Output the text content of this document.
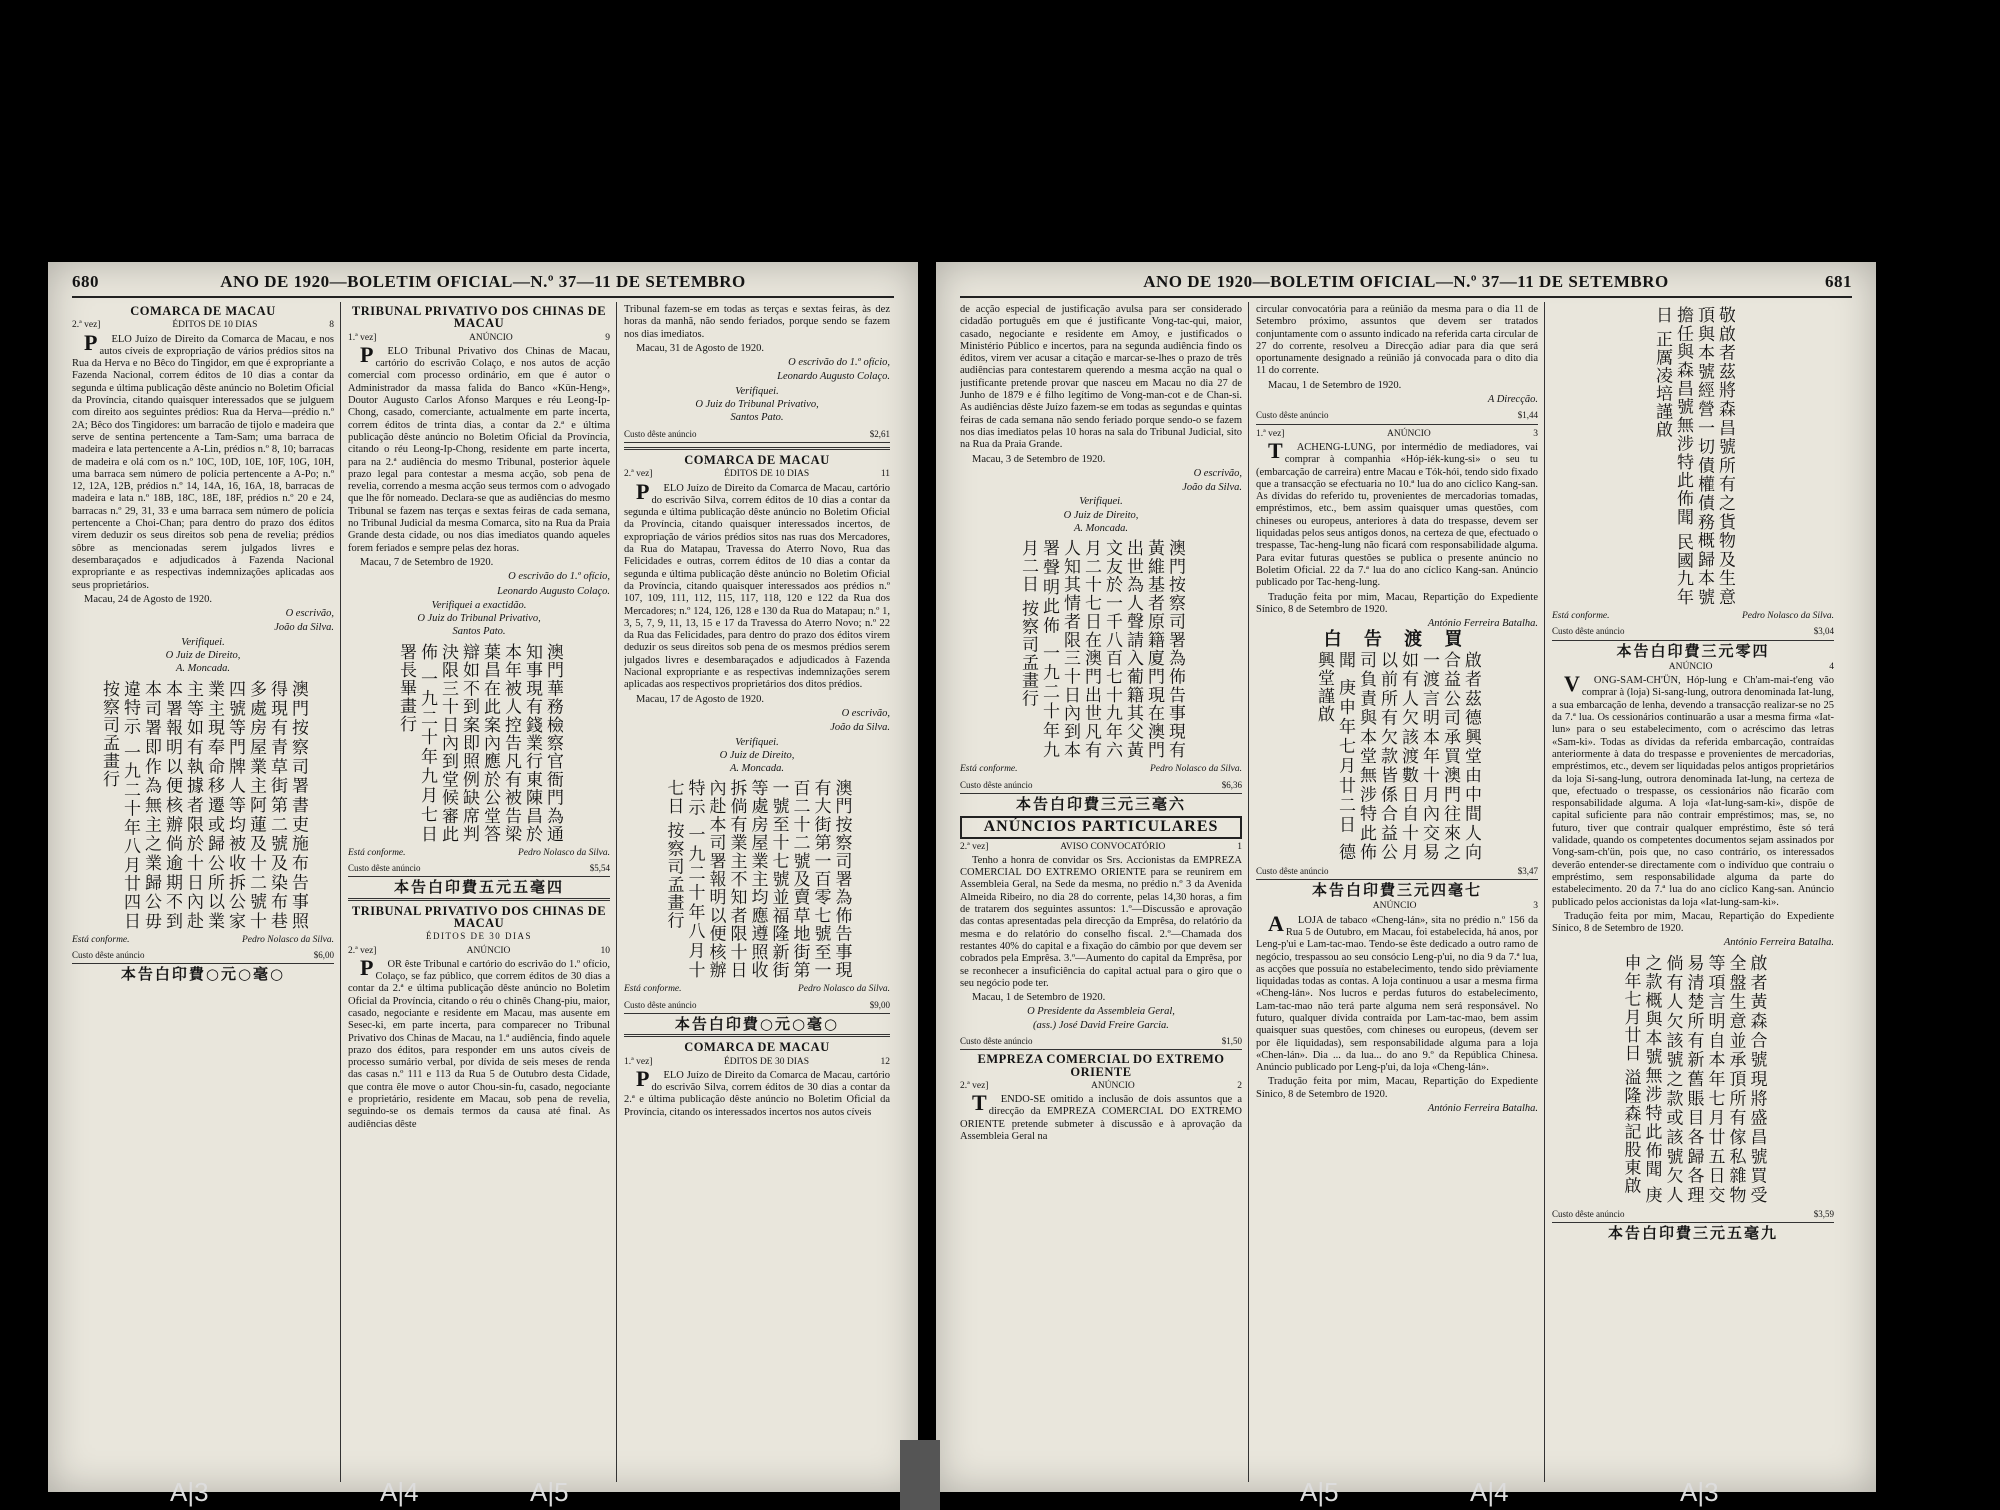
680	ANO DE 1920—BOLETIM OFICIAL—N.º 37—11 DE SETEMBRO
COMARCA DE MACAU
2.ª vez]	ÉDITOS DE 10 DIAS	8
PELO Juízo de Direito da Comarca de Macau, e nos autos cíveis de expropriação de vários prédios sitos na Rua da Herva e no Bêco do Tingidor, em que é expropriante a Fazenda Nacional, correm éditos de 10 dias a contar da segunda e última publicação dêste anúncio no Boletim Oficial da Província, citando quaisquer interessados que se julguem com direito aos seguintes prédios: Rua da Herva—prédio n.º 2A; Bêco dos Tingidores: um barracão de tijolo e madeira que serve de sentina pertencente a Tam-Sam; uma barraca de madeira e lata pertencente a A-Lin, prédios n.º 8, 10; barracas de madeira e olá com os n.º 10C, 10D, 10E, 10F, 10G, 10H, uma barraca sem número de polícia pertencente a A-Po; n.º 12, 12A, 12B, prédios n.º 14, 14A, 16, 16A, 18, barracas de madeira e lata n.º 18B, 18C, 18E, 18F, prédios n.º 20 e 24, barracas n.º 29, 31, 33 e uma barraca sem número de polícia pertencente a Choi-Chan; para dentro do prazo dos éditos virem deduzir os seus direitos sob pena de revelia; prédios sôbre as mencionadas serem julgados livres e desembaraçados e adjudicados à Fazenda Nacional expropriante e as respectivas indemnizações aplicadas aos seus proprietários.
Macau, 24 de Agosto de 1920.
O escrivão,
João da Silva.
Verifiquei.
O Juiz de Direito,
A. Moncada.
澳門按察司署書吏施布告事照得現有青草街第二號及染布巷多處房屋業主阿蓮及十二號十四號等門牌人等均被收拆公家業主現奉命移遷或歸公所以業主等如有執據者限於十日內赴本署報明以便核辦倘逾期不到本司署即作為無主之業歸公毋違特示 一九二十年八月廿四日 按察司孟畫行
Está conforme.	Pedro Nolasco da Silva.
Custo dêste anúncio	$6,00
本告白印費○元○毫○
TRIBUNAL PRIVATIVO DOS CHINAS DE MACAU
1.ª vez]	ANÚNCIO	9
PELO Tribunal Privativo dos Chinas de Macau, cartório do escrivão Colaço, e nos autos de acção comercial com processo ordinário, em que é autor o Administrador da massa falida do Banco «Kün-Heng», Doutor Augusto Carlos Afonso Marques e réu Leong-Ip-Chong, casado, comerciante, actualmente em parte incerta, correm éditos de trinta dias, a contar da 2.ª e última publicação dêste anúncio no Boletim Oficial da Província, citando o réu Leong-Ip-Chong, residente em parte incerta, para na 2.ª audiência do mesmo Tribunal, posterior àquele prazo legal para contestar a mesma acção, sob pena de revelia, correndo a mesma acção seus termos com o advogado que lhe fôr nomeado. Declara-se que as audiências do mesmo Tribunal se fazem nas terças e sextas feiras de cada semana, no Tribunal Judicial da mesma Comarca, sito na Rua da Praia Grande desta cidade, ou nos dias imediatos quando aqueles forem feriados e sempre pelas dez horas.
Macau, 7 de Setembro de 1920.
O escrivão do 1.º ofício,
Leonardo Augusto Colaço.
Verifiquei a exactidão.
O Juiz do Tribunal Privativo,
Santos Pato.
澳門華務檢察官衙門為通知事現有錢業行東陳昌於本年被人控告凡有被告梁葉昌在此案內應於公堂答辯如不到案即照例缺席判決限三十日內到堂候審此佈 一九二十年九月七日 署長畢畫行
Está conforme.	Pedro Nolasco da Silva.
Custo dêste anúncio	$5,54
本告白印費五元五毫四
TRIBUNAL PRIVATIVO DOS CHINAS DE MACAU
ÉDITOS DE 30 DIAS
2.ª vez]	ANÚNCIO	10
POR êste Tribunal e cartório do escrivão do 1.º ofício, Colaço, se faz público, que correm éditos de 30 dias a contar da 2.ª e última publicação dêste anúncio no Boletim Oficial da Província, citando o réu o chinês Chang-piu, maior, casado, negociante e residente em Macau, mas ausente em Sesec-ki, em parte incerta, para comparecer no Tribunal Privativo dos Chinas de Macau, na 1.ª audiência, findo aquele prazo dos éditos, para responder em uns autos cíveis de processo sumário verbal, por dívida de seis meses de renda das casas n.º 111 e 113 da Rua 5 de Outubro desta Cidade, que contra êle move o autor Chou-sin-fu, casado, negociante e proprietário, residente em Macau, sob pena de revelia, seguindo-se os demais termos da causa até final. As audiências dêste
Tribunal fazem-se em todas as terças e sextas feiras, às dez horas da manhã, não sendo feriados, porque sendo se fazem nos dias imediatos.
Macau, 31 de Agosto de 1920.
O escrivão do 1.º ofício,
Leonardo Augusto Colaço.
Verifiquei.
O Juiz do Tribunal Privativo,
Santos Pato.
Custo dêste anúncio	$2,61
COMARCA DE MACAU
2.ª vez]	ÉDITOS DE 10 DIAS	11
PELO Juízo de Direito da Comarca de Macau, cartório do escrivão Silva, correm éditos de 10 dias a contar da segunda e última publicação dêste anúncio no Boletim Oficial da Província, citando quaisquer interessados incertos, de expropriação de vários prédios sitos nas ruas dos Mercadores, da Rua do Matapau, Travessa do Aterro Novo, Rua das Felicidades e outras, correm éditos de 10 dias a contar da segunda e última publicação dêste anúncio no Boletim Oficial da Província, citando quaisquer interessados aos prédios n.º 107, 109, 111, 112, 115, 117, 118, 120 e 122 da Rua dos Mercadores; n.º 124, 126, 128 e 130 da Rua do Matapau; n.º 1, 3, 5, 7, 9, 11, 13, 15 e 17 da Travessa do Aterro Novo; n.º 22 da Rua das Felicidades, para dentro do prazo dos éditos virem deduzir os seus direitos sob pena de os mesmos prédios serem julgados livres e desembaraçados e adjudicados à Fazenda Nacional expropriante e as respectivas indemnizações serem aplicadas aos respectivos proprietários dos ditos prédios.
Macau, 17 de Agosto de 1920.
O escrivão,
João da Silva.
Verifiquei.
O Juiz de Direito,
A. Moncada.
澳門按察司署為佈告事現有大街第一百零七號至一百二十二號及賣草地街第一號至十七號並福隆新街等處房屋業主均應遵照收拆倘有業主不知者限十日內赴本司署報明以便核辦特示 一九二十年八月十七日 按察司孟畫行
Está conforme.	Pedro Nolasco da Silva.
Custo dêste anúncio	$9,00
本告白印費○元○毫○
COMARCA DE MACAU
1.ª vez]	ÉDITOS DE 30 DIAS	12
PELO Juízo de Direito da Comarca de Macau, cartório do escrivão Silva, correm éditos de 30 dias a contar da 2.ª e última publicação dêste anúncio no Boletim Oficial da Província, citando os interessados incertos nos autos cíveis
ANO DE 1920—BOLETIM OFICIAL—N.º 37—11 DE SETEMBRO	681
de acção especial de justificação avulsa para ser considerado cidadão português em que é justificante Vong-tac-qui, maior, casado, negociante e residente em Amoy, e justificados o Ministério Público e incertos, para na segunda audiência findo os éditos, virem ver acusar a citação e marcar-se-lhes o prazo de três audiências para contestarem querendo a mesma acção na qual o justificante pretende provar que nasceu em Macau no dia 27 de Junho de 1879 e é filho legítimo de Vong-man-cot e de Chan-si. As audiências dêste Juízo fazem-se em todas as segundas e quintas feiras de cada semana não sendo feriado porque sendo-o se fazem nos dias imediatos pelas 10 horas na sala do Tribunal Judicial, sito na Rua da Praia Grande.
Macau, 3 de Setembro de 1920.
O escrivão,
João da Silva.
Verifiquei.
O Juiz de Direito,
A. Moncada.
澳門按察司署為佈告事現有黃維基者原籍廈門現在澳門出世為人聲請入葡籍其父黃文友於一千八百七十九年六月二十七日在澳門出世凡有人知其情者限三十日內到本署聲明此佈 一九二十年九月二日 按察司孟畫行
Está conforme.	Pedro Nolasco da Silva.
Custo dêste anúncio	$6,36
本告白印費三元三毫六
ANÚNCIOS PARTICULARES
2.ª vez]	AVISO CONVOCATÓRIO	1
Tenho a honra de convidar os Srs. Accionistas da EMPREZA COMERCIAL DO EXTREMO ORIENTE para se reunirem em Assembleia Geral, na Sede da mesma, no prédio n.º 3 da Avenida Almeida Ribeiro, no dia 28 do corrente, pelas 14,30 horas, a fim de tratarem dos seguintes assuntos: 1.º—Discussão e aprovação das contas apresentadas pela direcção da Emprêsa, do relatório da mesma e do relatório do conselho fiscal. 2.º—Chamada dos restantes 40% do capital e a fixação do câmbio por que devem ser cobrados pela Emprêsa. 3.º—Aumento do capital da Emprêsa, por se reconhecer a insuficiência do capital actual para o giro que o seu negócio pode ter.
Macau, 1 de Setembro de 1920.
O Presidente da Assembleia Geral,
(ass.) José David Freire Garcia.
Custo dêste anúncio	$1,50
EMPREZA COMERCIAL DO EXTREMO ORIENTE
2.ª vez]	ANÚNCIO	2
TENDO-SE omitido a inclusão de dois assuntos que a direcção da EMPREZA COMERCIAL DO EXTREMO ORIENTE pretende submeter à discussão e à aprovação da Assembleia Geral na
circular convocatória para a reünião da mesma para o dia 11 de Setembro próximo, assuntos que devem ser tratados conjuntamente com o assunto indicado na referida carta circular de 27 do corrente, resolveu a Direcção adiar para dia que será oportunamente designado a reünião já convocada para o dito dia 11 do corrente.
Macau, 1 de Setembro de 1920.
A Direcção.
Custo dêste anúncio	$1,44
1.ª vez]	ANÚNCIO	3
TACHENG-LUNG, por intermédio de mediadores, vai comprar à companhia «Hóp-iék-kung-si» o seu tu (embarcação de carreira) entre Macau e Tók-hói, tendo sido fixado que a transacção se efectuaria no 10.ª lua do ano cíclico Kang-san. As dívidas do referido tu, provenientes de mercadorias tomadas, empréstimos, etc., bem assim quaisquer umas questões, com chineses ou europeus, anteriores à data do trespasse, devem ser liquidadas pelos seus antigos donos, na certeza de que, efectuado o trespasse, Tac-heng-lung não ficará com responsabilidade alguma. Para evitar futuras questões se publica o presente anúncio no Boletim Oficial. 22 da 7.ª lua do ano cíclico Kang-san. Anúncio publicado por Tac-heng-lung.
Tradução feita por mim, Macau, Repartição do Expediente Sínico, 8 de Setembro de 1920.
António Ferreira Batalha.
白 告 渡 買
啟者茲德興堂由中間人向合益公司承買澳門往來之一渡言明本年十月內交易如有人欠該渡數日自十月以前所有欠款皆係合益公司負責與本堂無涉特此佈聞 庚申年七月廿二日 德興堂謹啟
Custo dêste anúncio	$3,47
本告白印費三元四毫七
ANÚNCIO	3
ALOJA de tabaco «Cheng-lán», sita no prédio n.º 156 da Rua 5 de Outubro, em Macau, foi estabelecida, há anos, por Leng-p'ui e Lam-tac-mao. Tendo-se êste dedicado a outro ramo de negócio, trespassou ao seu consócio Leng-p'ui, no dia 9 da 7.ª lua, as acções que possuía no estabelecimento, tendo sido prèviamente liquidadas todas as contas. A loja continuou a usar a mesma firma «Cheng-lán». Nos lucros e perdas futuros do estabelecimento, Lam-tac-mao não terá parte alguma nem será responsável. No futuro, qualquer dívida contraída por Lam-tac-mao, bem assim quaisquer suas questões, com chineses ou europeus, (devem ser por êle liquidadas), sem responsabilidade alguma para a loja «Chen-lán». Dia ... da lua... do ano 9.º da República Chinesa. Anúncio publicado por Leng-p'ui, da loja «Cheng-lán».
Tradução feita por mim, Macau, Repartição do Expediente Sínico, 8 de Setembro de 1920.
António Ferreira Batalha.
敬啟者茲將森昌號所有之貨物及生意頂與本號經營一切債權債務概歸本號擔任與森昌號無涉特此佈聞 民國九年 日 正厲凌培謹啟
Está conforme.	Pedro Nolasco da Silva.
Custo dêste anúncio	$3,04
本告白印費三元零四
ANÚNCIO	4
VONG-SAM-CH'ÜN, Hóp-lung e Ch'am-mai-t'eng vão comprar à (loja) Si-sang-lung, outrora denominada Iat-lung, a sua embarcação de lenha, devendo a transacção realizar-se no 25 da 7.ª lua. Os cessionários continuarão a usar a mesma firma «Iat-lun» para o seu estabelecimento, com o acréscimo das letras «Sam-ki». Todas as dívidas da referida embarcação, contraídas anteriormente à data do trespasse e provenientes de mercadorias, empréstimos, etc., devem ser liquidadas pelos antigos proprietários da loja Si-sang-lung, outrora denominada Iat-lung, na certeza de que, efectuado o trespasse, os cessionários não ficarão com responsabilidade alguma. A loja «Iat-lung-sam-ki», dispõe de capital suficiente para não contrair empréstimos; mas, se, no futuro, tiver que contrair qualquer empréstimo, êste só terá validade, quando os competentes documentos sejam assinados por Vong-sam-ch'ün, pois que, no caso contrário, os interessados deverão entender-se directamente com o indivíduo que contraiu o empréstimo, sem responsabilidade alguma da parte do estabelecimento. 20 da 7.ª lua do ano cíclico Kang-san. Anúncio publicado pelos accionistas da loja «Iat-lung-sam-ki».
Tradução feita por mim, Macau, Repartição do Expediente Sínico, 8 de Setembro de 1920.
António Ferreira Batalha.
啟者黃森合號現將盛昌號買受全盤生意並承頂所有傢私雜物等項言明自本年七月廿五日交易清楚所有新舊賬目各歸各理倘有人欠該號之款或該號欠人之款概與本號無涉特此佈聞 庚申年七月廿日 溢隆森記股東啟
Custo dêste anúncio	$3,59
本告白印費三元五毫九
A|3	A|4	A|5	A|5	A|4	A|3
